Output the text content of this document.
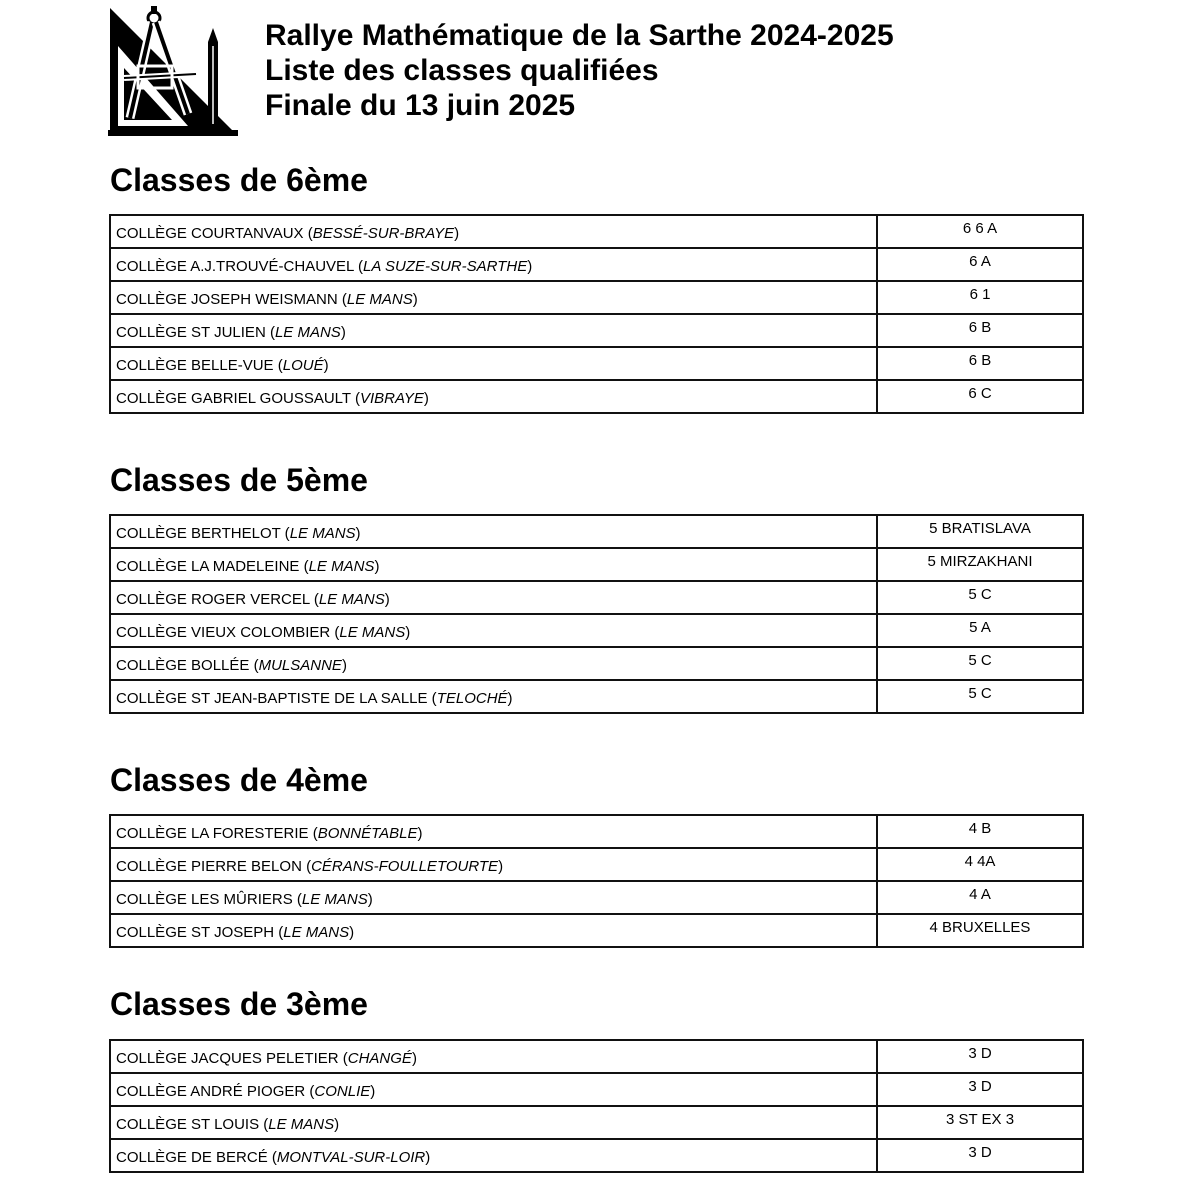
Rallye Mathématique de la Sarthe 2024-2025
Liste des classes qualifiées
Finale du 13 juin 2025
Classes de 6ème
COLLÈGE COURTANVAUX (BESSÉ-SUR-BRAYE)	6 6 A
COLLÈGE A.J.TROUVÉ-CHAUVEL (LA SUZE-SUR-SARTHE)	6 A
COLLÈGE JOSEPH WEISMANN (LE MANS)	6 1
COLLÈGE ST JULIEN (LE MANS)	6 B
COLLÈGE BELLE-VUE (LOUÉ)	6 B
COLLÈGE GABRIEL GOUSSAULT (VIBRAYE)	6 C
Classes de 5ème
COLLÈGE BERTHELOT (LE MANS)	5 BRATISLAVA
COLLÈGE LA MADELEINE (LE MANS)	5 MIRZAKHANI
COLLÈGE ROGER VERCEL (LE MANS)	5 C
COLLÈGE VIEUX COLOMBIER (LE MANS)	5 A
COLLÈGE BOLLÉE (MULSANNE)	5 C
COLLÈGE ST JEAN-BAPTISTE DE LA SALLE (TELOCHÉ)	5 C
Classes de 4ème
COLLÈGE LA FORESTERIE (BONNÉTABLE)	4 B
COLLÈGE PIERRE BELON (CÉRANS-FOULLETOURTE)	4 4A
COLLÈGE LES MÛRIERS (LE MANS)	4 A
COLLÈGE ST JOSEPH (LE MANS)	4 BRUXELLES
Classes de 3ème
COLLÈGE JACQUES PELETIER (CHANGÉ)	3 D
COLLÈGE ANDRÉ PIOGER (CONLIE)	3 D
COLLÈGE ST LOUIS (LE MANS)	3 ST EX 3
COLLÈGE DE BERCÉ (MONTVAL-SUR-LOIR)	3 D
